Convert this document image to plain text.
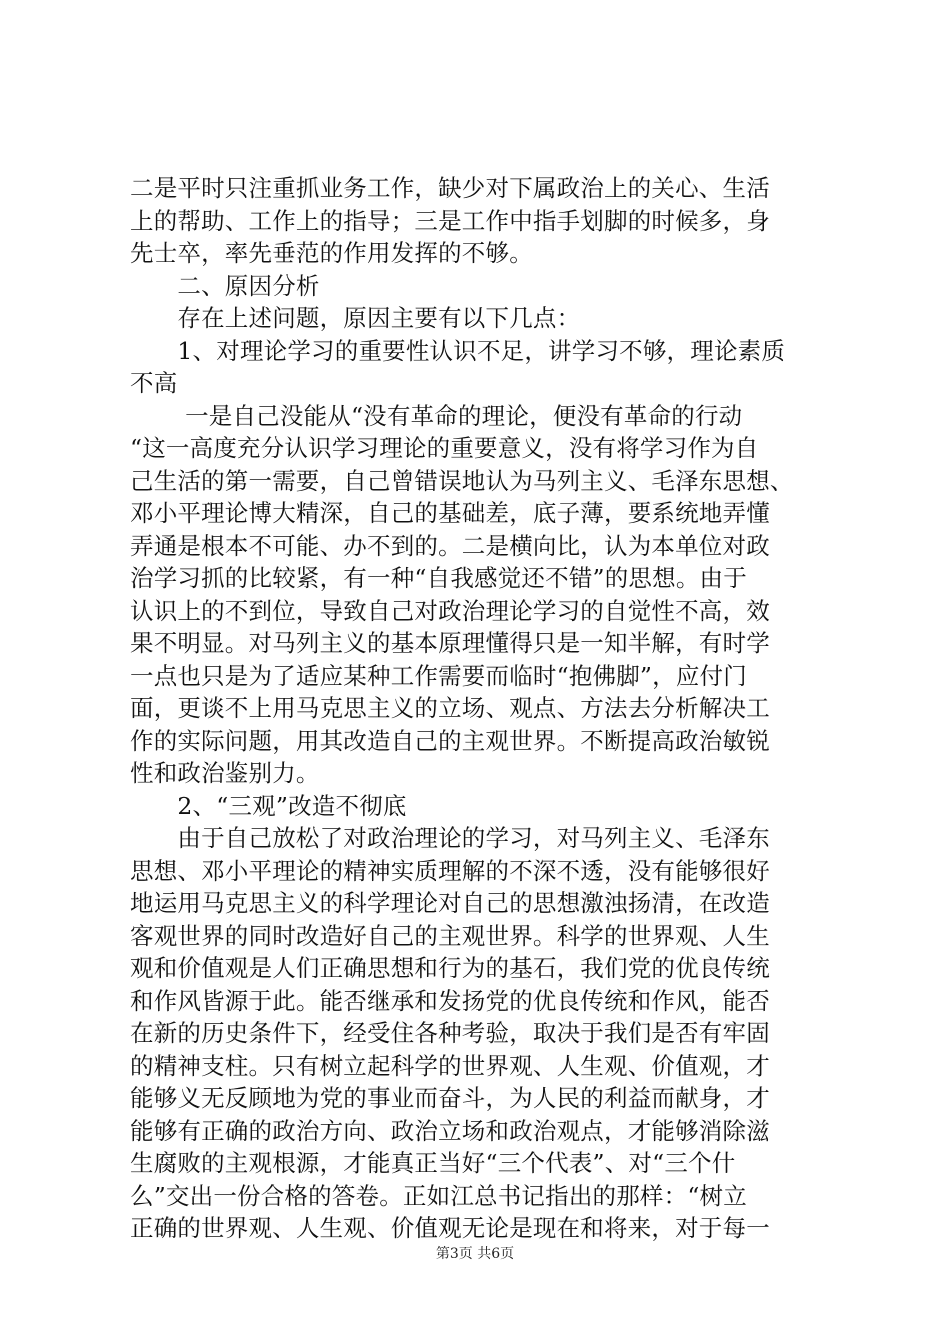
二是平时只注重抓业务工作，缺少对下属政治上的关心、生活
上的帮助、工作上的指导；三是工作中指手划脚的时候多，身
先士卒，率先垂范的作用发挥的不够。
　　二、原因分析
　　存在上述问题，原因主要有以下几点：
　　1、对理论学习的重要性认识不足，讲学习不够，理论素质
不高
　　 一是自己没能从“没有革命的理论，便没有革命的行动
“这一高度充分认识学习理论的重要意义，没有将学习作为自
己生活的第一需要，自己曾错误地认为马列主义、毛泽东思想、
邓小平理论博大精深，自己的基础差，底子薄，要系统地弄懂
弄通是根本不可能、办不到的。二是横向比，认为本单位对政
治学习抓的比较紧，有一种“自我感觉还不错”的思想。由于
认识上的不到位，导致自己对政治理论学习的自觉性不高，效
果不明显。对马列主义的基本原理懂得只是一知半解，有时学
一点也只是为了适应某种工作需要而临时“抱佛脚”，应付门
面，更谈不上用马克思主义的立场、观点、方法去分析解决工
作的实际问题，用其改造自己的主观世界。不断提高政治敏锐
性和政治鉴别力。
　　2、“三观”改造不彻底
　　由于自己放松了对政治理论的学习，对马列主义、毛泽东
思想、邓小平理论的精神实质理解的不深不透，没有能够很好
地运用马克思主义的科学理论对自己的思想激浊扬清，在改造
客观世界的同时改造好自己的主观世界。科学的世界观、人生
观和价值观是人们正确思想和行为的基石，我们党的优良传统
和作风皆源于此。能否继承和发扬党的优良传统和作风，能否
在新的历史条件下，经受住各种考验，取决于我们是否有牢固
的精神支柱。只有树立起科学的世界观、人生观、价值观，才
能够义无反顾地为党的事业而奋斗，为人民的利益而献身，才
能够有正确的政治方向、政治立场和政治观点，才能够消除滋
生腐败的主观根源，才能真正当好“三个代表”、对“三个什
么”交出一份合格的答卷。正如江总书记指出的那样：“树立
正确的世界观、人生观、价值观无论是现在和将来，对于每一
第3页 共6页
